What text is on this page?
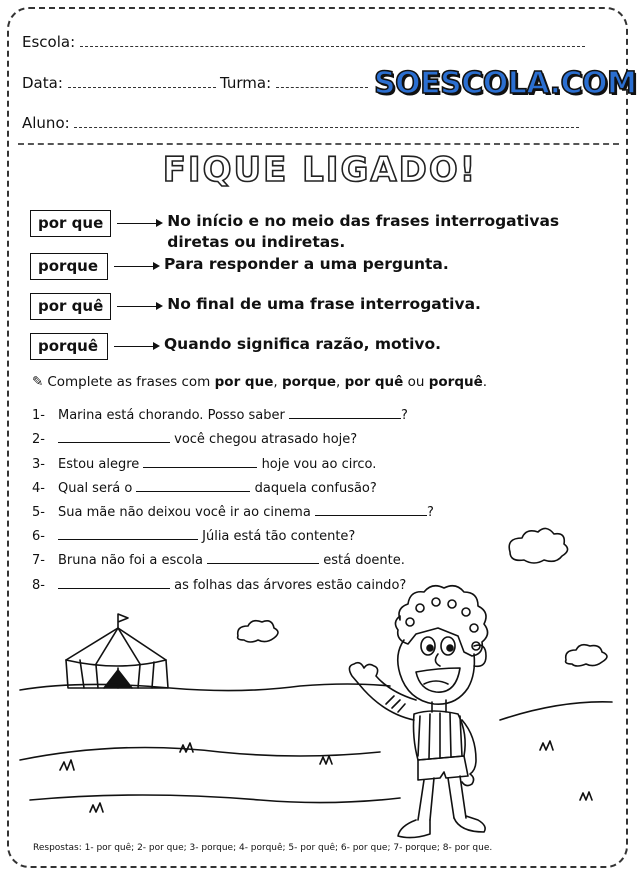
Escola:
Data:	Turma:
Aluno:
SOESCOLA.COM
FIQUE LIGADO!
por que	No início e no meio das frases interrogativas
diretas ou indiretas.
porque	Para responder a uma pergunta.
por quê	No final de uma frase interrogativa.
porquê	Quando significa razão, motivo.
✎ Complete as frases com por que, porque, por quê ou porquê.
1- Marina está chorando. Posso saber	?
2-	você chegou atrasado hoje?
3- Estou alegre	hoje vou ao circo.
4- Qual será o	daquela confusão?
5- Sua mãe não deixou você ir ao cinema	?
6-	Júlia está tão contente?
7- Bruna não foi a escola	está doente.
8-	as folhas das árvores estão caindo?
Respostas: 1- por quê; 2- por que; 3- porque; 4- porquê; 5- por quê; 6- por que; 7- porque; 8- por que.
